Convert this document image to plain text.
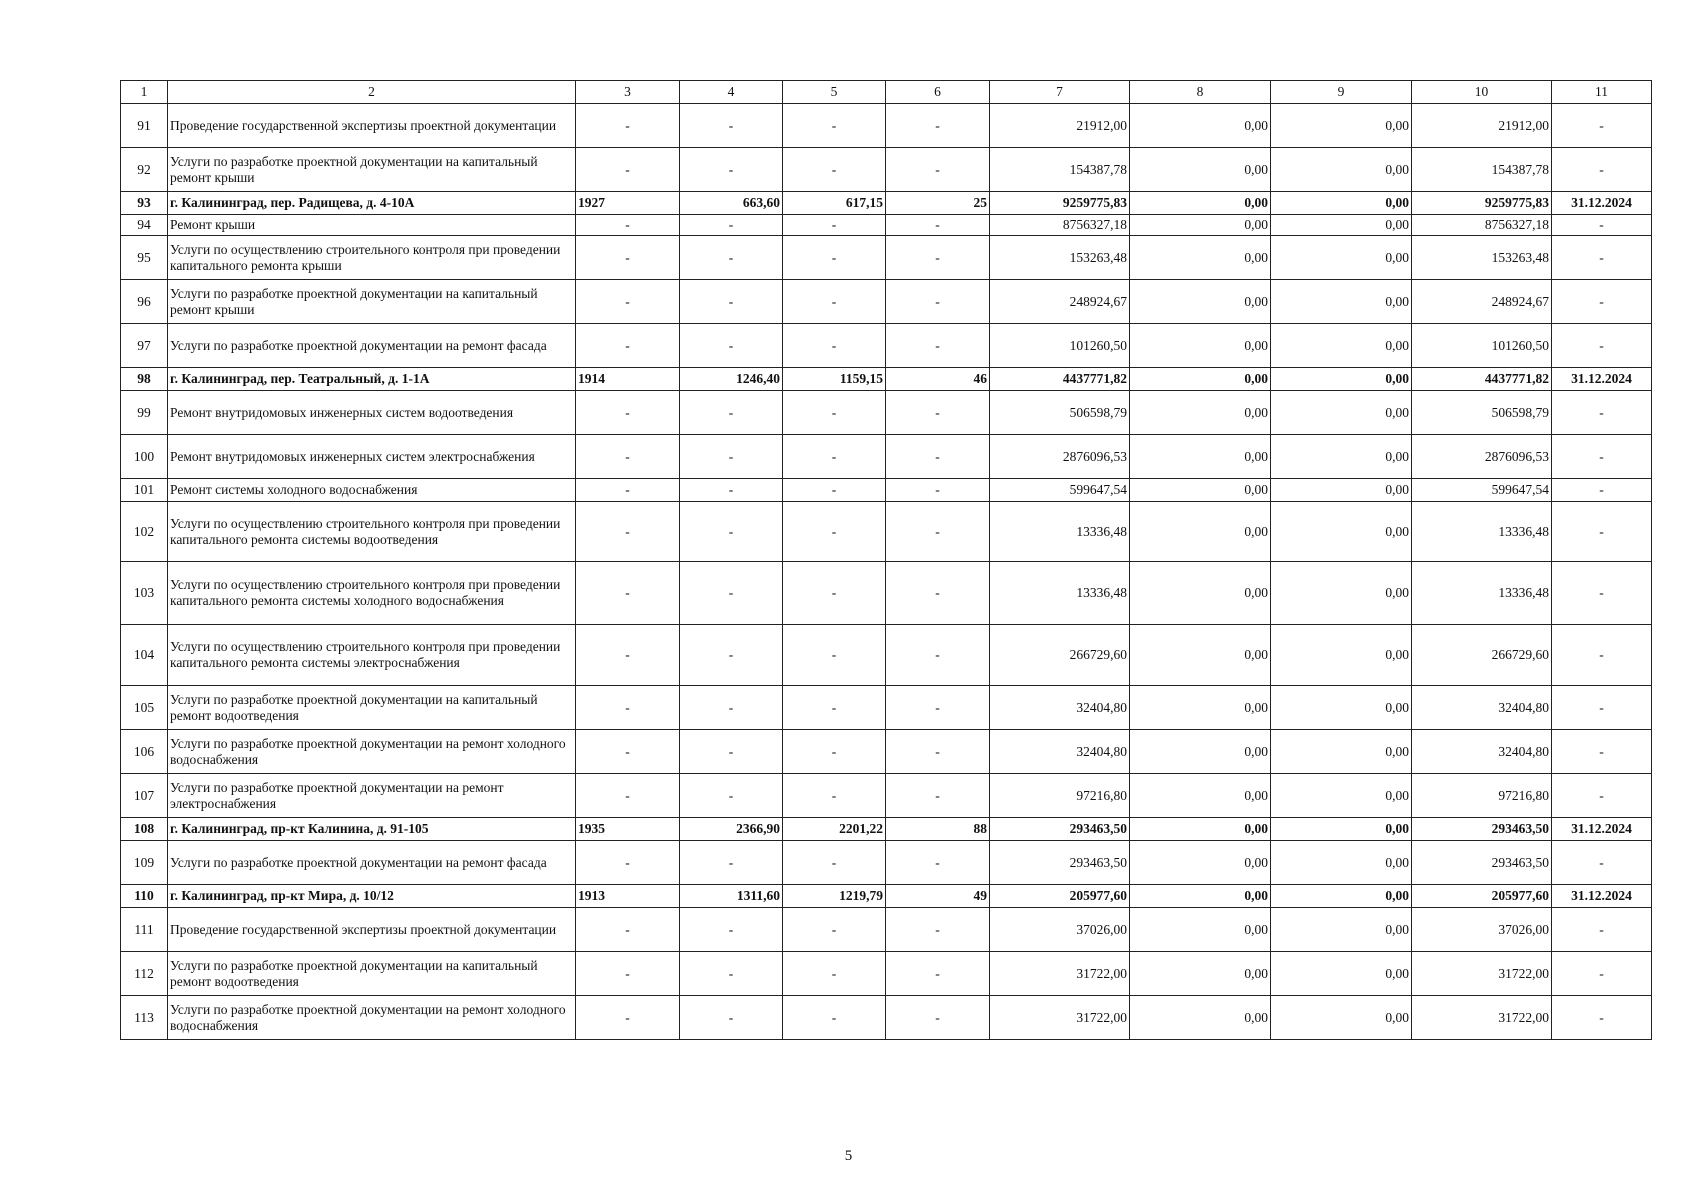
1	2	3	4	5	6	7	8	9	10	11
91	Проведение государственной экспертизы проектной документации	-	-	-	-	21912,00	0,00	0,00	21912,00	-
92	Услуги по разработке проектной документации на капитальный ремонт крыши	-	-	-	-	154387,78	0,00	0,00	154387,78	-
93	г. Калининград, пер. Радищева, д. 4-10А	1927	663,60	617,15	25	9259775,83	0,00	0,00	9259775,83	31.12.2024
94	Ремонт крыши	-	-	-	-	8756327,18	0,00	0,00	8756327,18	-
95	Услуги по осуществлению строительного контроля при проведении капитального ремонта крыши	-	-	-	-	153263,48	0,00	0,00	153263,48	-
96	Услуги по разработке проектной документации на капитальный ремонт крыши	-	-	-	-	248924,67	0,00	0,00	248924,67	-
97	Услуги по разработке проектной документации на ремонт фасада	-	-	-	-	101260,50	0,00	0,00	101260,50	-
98	г. Калининград, пер. Театральный, д. 1-1А	1914	1246,40	1159,15	46	4437771,82	0,00	0,00	4437771,82	31.12.2024
99	Ремонт внутридомовых инженерных систем водоотведения	-	-	-	-	506598,79	0,00	0,00	506598,79	-
100	Ремонт внутридомовых инженерных систем электроснабжения	-	-	-	-	2876096,53	0,00	0,00	2876096,53	-
101	Ремонт системы холодного водоснабжения	-	-	-	-	599647,54	0,00	0,00	599647,54	-
102	Услуги по осуществлению строительного контроля при проведении капитального ремонта системы водоотведения	-	-	-	-	13336,48	0,00	0,00	13336,48	-
103	Услуги по осуществлению строительного контроля при проведении капитального ремонта системы холодного водоснабжения	-	-	-	-	13336,48	0,00	0,00	13336,48	-
104	Услуги по осуществлению строительного контроля при проведении капитального ремонта системы электроснабжения	-	-	-	-	266729,60	0,00	0,00	266729,60	-
105	Услуги по разработке проектной документации на капитальный ремонт водоотведения	-	-	-	-	32404,80	0,00	0,00	32404,80	-
106	Услуги по разработке проектной документации на ремонт холодного водоснабжения	-	-	-	-	32404,80	0,00	0,00	32404,80	-
107	Услуги по разработке проектной документации на ремонт электроснабжения	-	-	-	-	97216,80	0,00	0,00	97216,80	-
108	г. Калининград, пр-кт Калинина, д. 91-105	1935	2366,90	2201,22	88	293463,50	0,00	0,00	293463,50	31.12.2024
109	Услуги по разработке проектной документации на ремонт фасада	-	-	-	-	293463,50	0,00	0,00	293463,50	-
110	г. Калининград, пр-кт Мира, д. 10/12	1913	1311,60	1219,79	49	205977,60	0,00	0,00	205977,60	31.12.2024
111	Проведение государственной экспертизы проектной документации	-	-	-	-	37026,00	0,00	0,00	37026,00	-
112	Услуги по разработке проектной документации на капитальный ремонт водоотведения	-	-	-	-	31722,00	0,00	0,00	31722,00	-
113	Услуги по разработке проектной документации на ремонт холодного водоснабжения	-	-	-	-	31722,00	0,00	0,00	31722,00	-
5
